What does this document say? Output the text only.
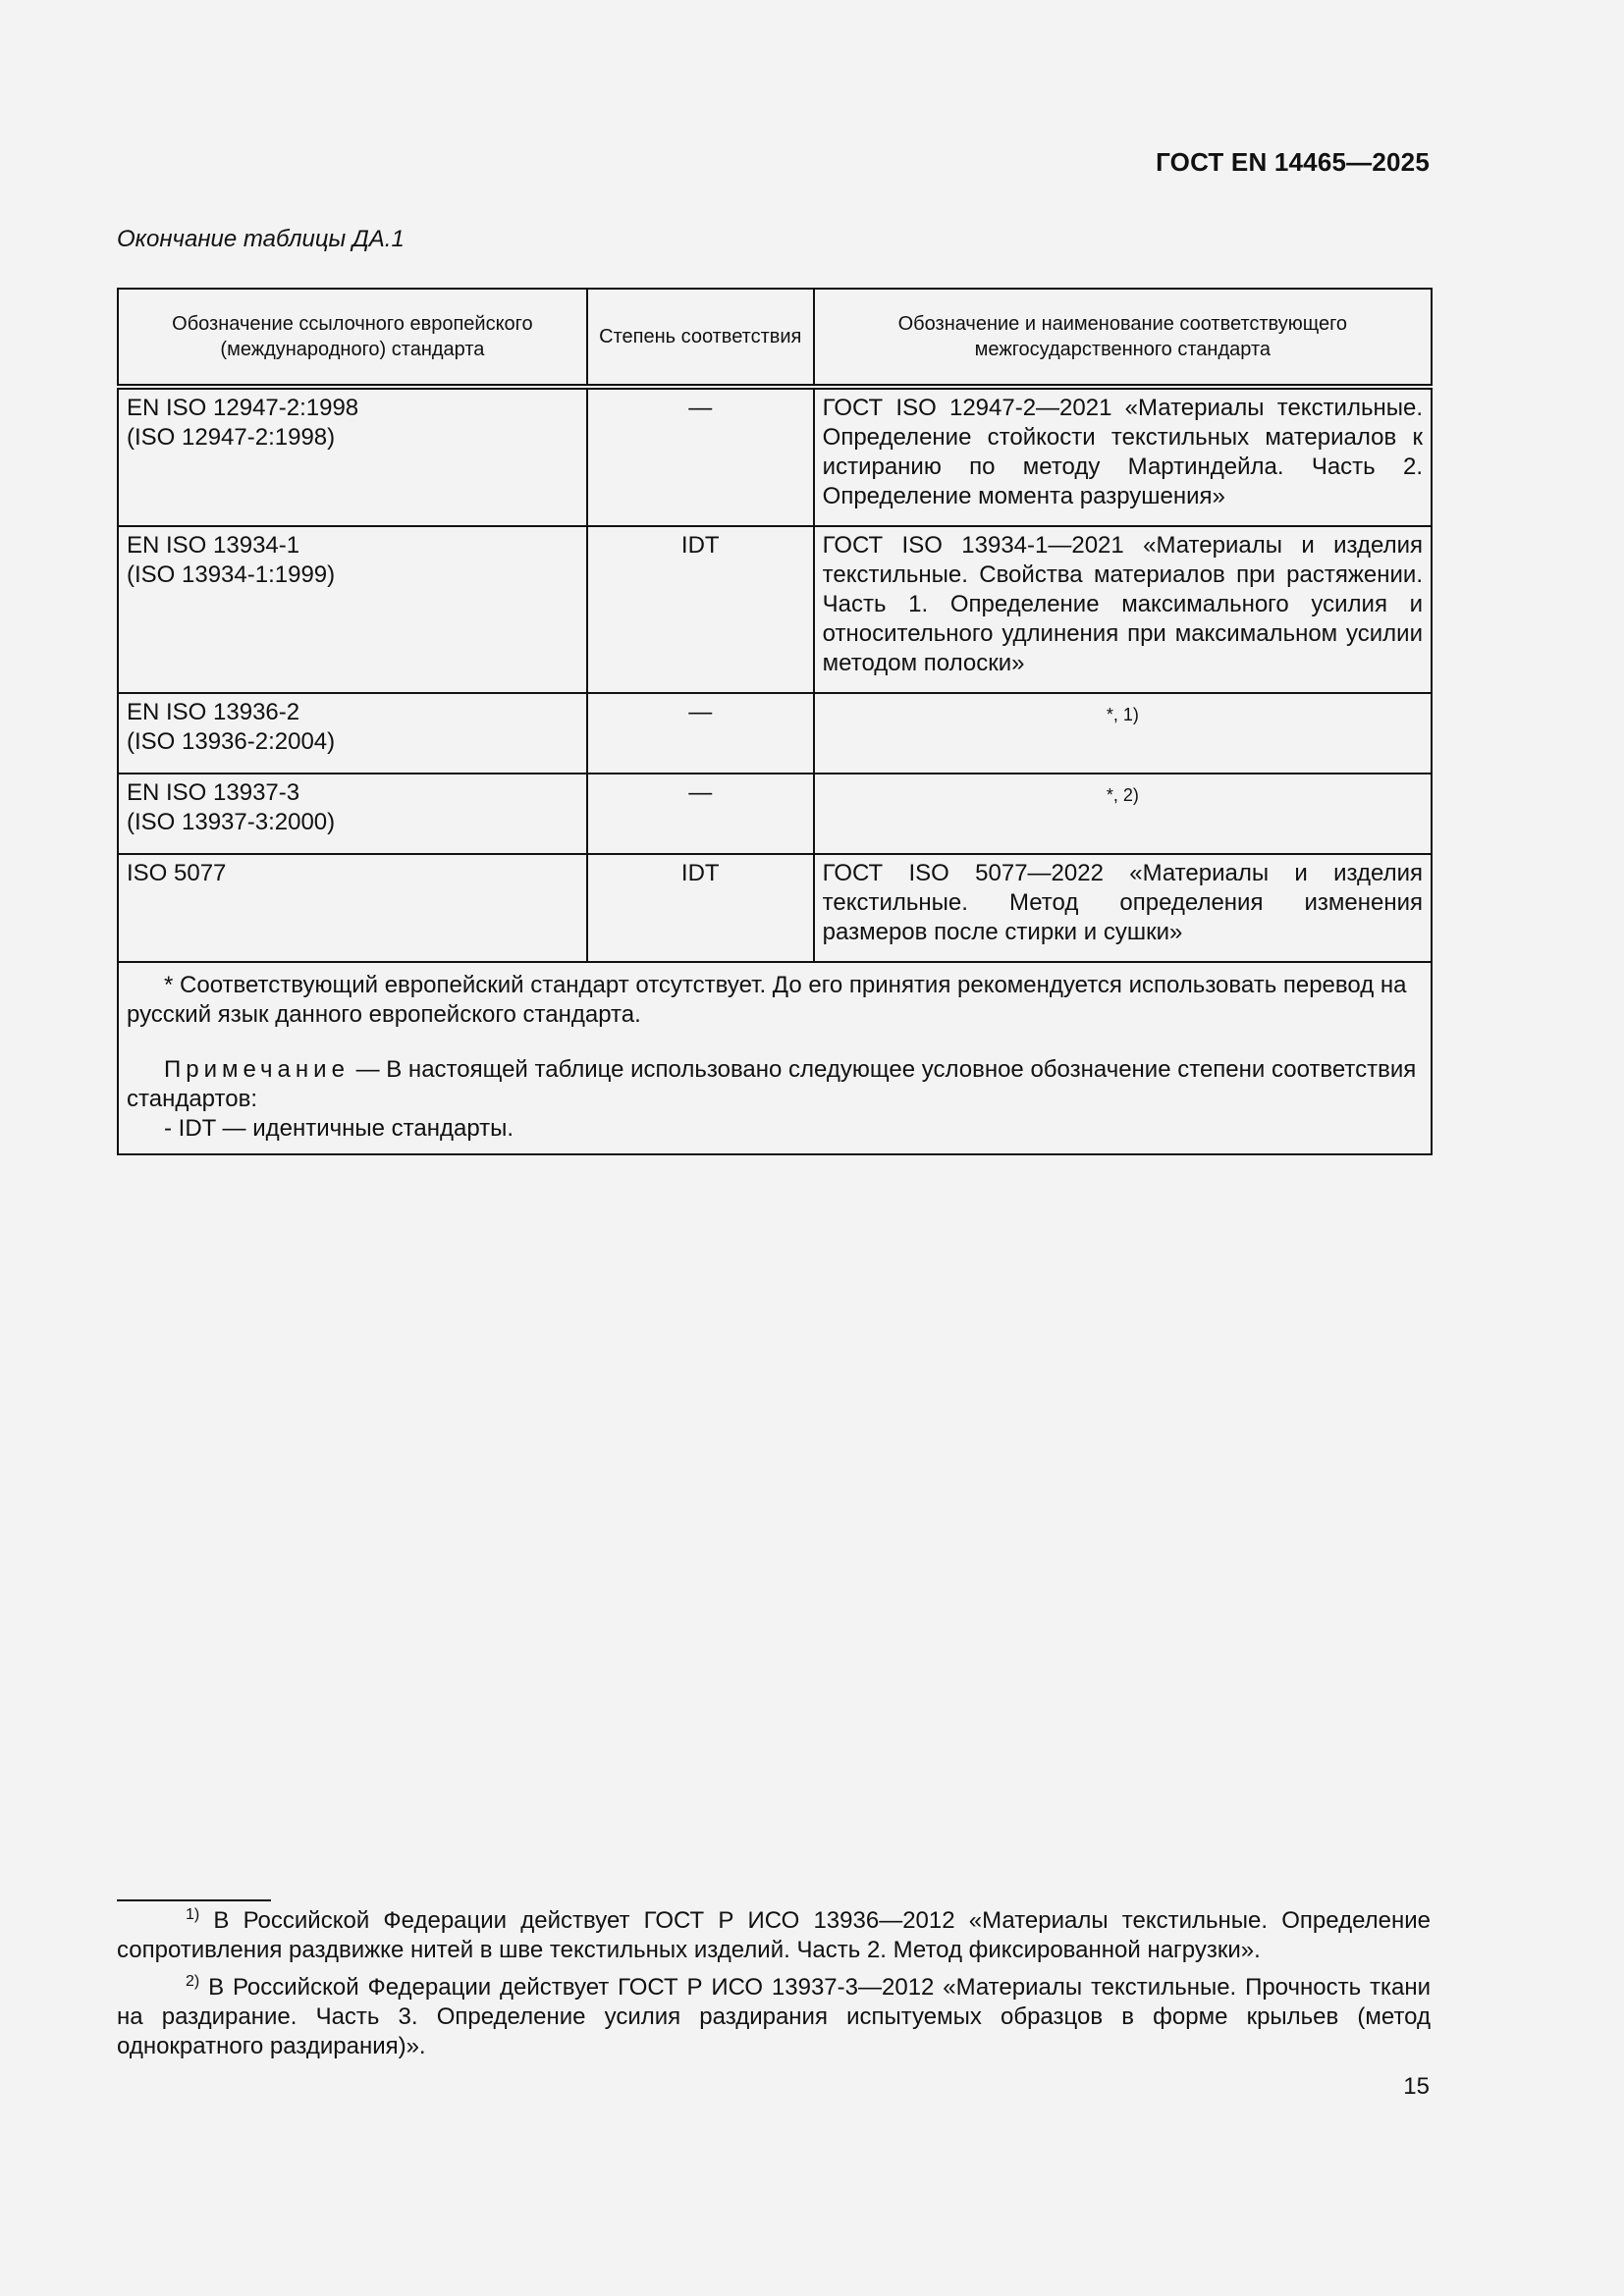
ГОСТ EN 14465—2025
Окончание таблицы ДА.1
Обозначение ссылочного европейского (международного) стандарта	Степень соответствия	Обозначение и наименование соответствующего межгосударственного стандарта

EN ISO 12947-2:1998
(ISO 12947-2:1998)	—	ГОСТ ISO 12947-2—2021 «Материалы текстильные. Определение стойкости текстильных материалов к истиранию по методу Мартиндейла. Часть 2. Определение момента разрушения»

EN ISO 13934-1
(ISO 13934-1:1999)	IDT	ГОСТ ISO 13934-1—2021 «Материалы и изделия текстильные. Свойства материалов при растяжении. Часть 1. Определение максимального усилия и относительного удлинения при максимальном усилии методом полоски»

EN ISO 13936-2
(ISO 13936-2:2004)	—	*, 1)

EN ISO 13937-3
(ISO 13937-3:2000)	—	*, 2)

ISO 5077	IDT	ГОСТ ISO 5077—2022 «Материалы и изделия текстильные. Метод определения изменения размеров после стирки и сушки»

* Соответствующий европейский стандарт отсутствует. До его принятия рекомендуется использовать перевод на русский язык данного европейского стандарта.

Примечание — В настоящей таблице использовано следующее условное обозначение степени соответствия стандартов:

- IDT — идентичные стандарты.		

$^{1)}$ В Российской Федерации действует ГОСТ Р ИСО 13936—2012 «Материалы текстильные. Определение сопротивления раздвижке нитей в шве текстильных изделий. Часть 2. Метод фиксированной нагрузки».
$^{2)}$ В Российской Федерации действует ГОСТ Р ИСО 13937-3—2012 «Материалы текстильные. Прочность ткани на раздирание. Часть 3. Определение усилия раздирания испытуемых образцов в форме крыльев (метод однократного раздирания)».
15
